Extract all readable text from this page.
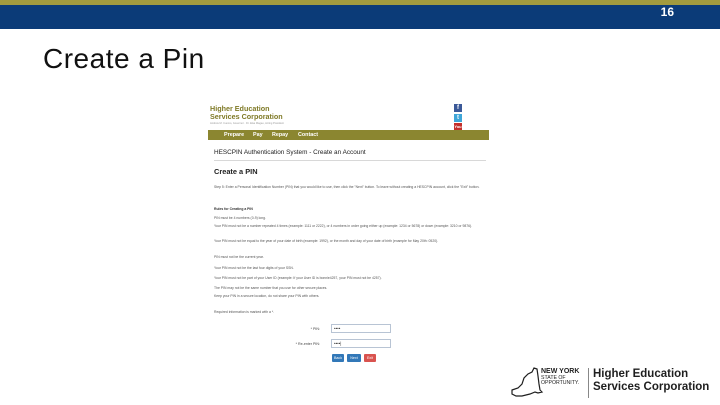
16
Create a Pin
Higher Education
Services Corporation
Andrew M. Cuomo, Governor · Dr. Elsa Magee, Acting President
f
t
You
Prepare Pay Repay Contact
HESCPIN Authentication System - Create an Account
Create a PIN
Step 5: Enter a Personal Identification Number (PIN) that you would like to use, then click the "Next" button. To leave without creating a HESCPIN account, click the "Exit" button.
Rules for Creating a PIN
PIN must be 4 numbers (0-9) long.
Your PIN must not be a number repeated 4 times (example: 1111 or 2222), or 4 numbers in order going either up (example: 1234 or 5678) or down (example: 3210 or 9876).
Your PIN must not be equal to the year of your date of birth (example: 1992), or the month and day of your date of birth (example for May 20th: 0520).
PIN must not be the current year.
Your PIN must not be the last four digits of your SSN.
Your PIN must not be part of your User ID (example: If your User ID is bonnie4257, your PIN must not be 4257).
The PIN may not be the same number that you use for other secure places.
Keep your PIN in a secure location, do not share your PIN with others.
Required information is marked with a *.
* PIN:	••••
* Re-enter PIN:	••••|
Back	Next	Exit
NEW YORK
STATE OF
OPPORTUNITY.
Higher Education
Services Corporation
